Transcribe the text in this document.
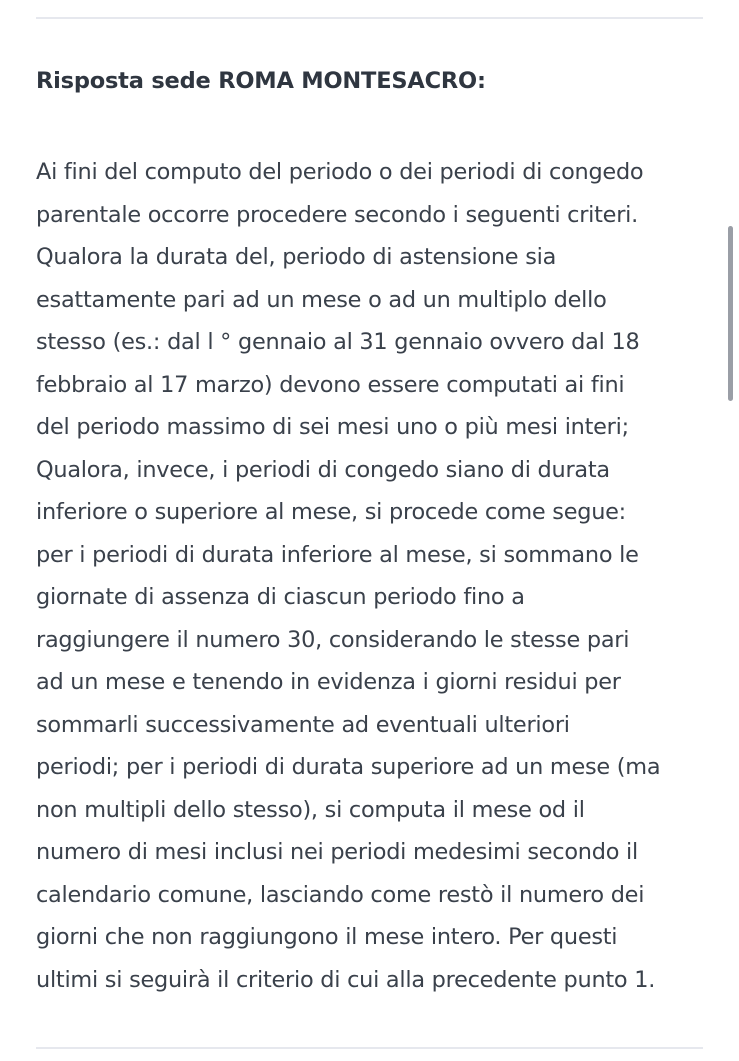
Risposta sede ROMA MONTESACRO:

Ai fini del computo del periodo o dei periodi di congedo
parentale occorre procedere secondo i seguenti criteri.
Qualora la durata del, periodo di astensione sia
esattamente pari ad un mese o ad un multiplo dello
stesso (es.: dal l ° gennaio al 31 gennaio ovvero dal 18
febbraio al 17 marzo) devono essere computati ai fini
del periodo massimo di sei mesi uno o più mesi interi;
Qualora, invece, i periodi di congedo siano di durata
inferiore o superiore al mese, si procede come segue:
per i periodi di durata inferiore al mese, si sommano le
giornate di assenza di ciascun periodo fino a
raggiungere il numero 30, considerando le stesse pari
ad un mese e tenendo in evidenza i giorni residui per
sommarli successivamente ad eventuali ulteriori
periodi; per i periodi di durata superiore ad un mese (ma
non multipli dello stesso), si computa il mese od il
numero di mesi inclusi nei periodi medesimi secondo il
calendario comune, lasciando come restò il numero dei
giorni che non raggiungono il mese intero. Per questi
ultimi si seguirà il criterio di cui alla precedente punto 1.
